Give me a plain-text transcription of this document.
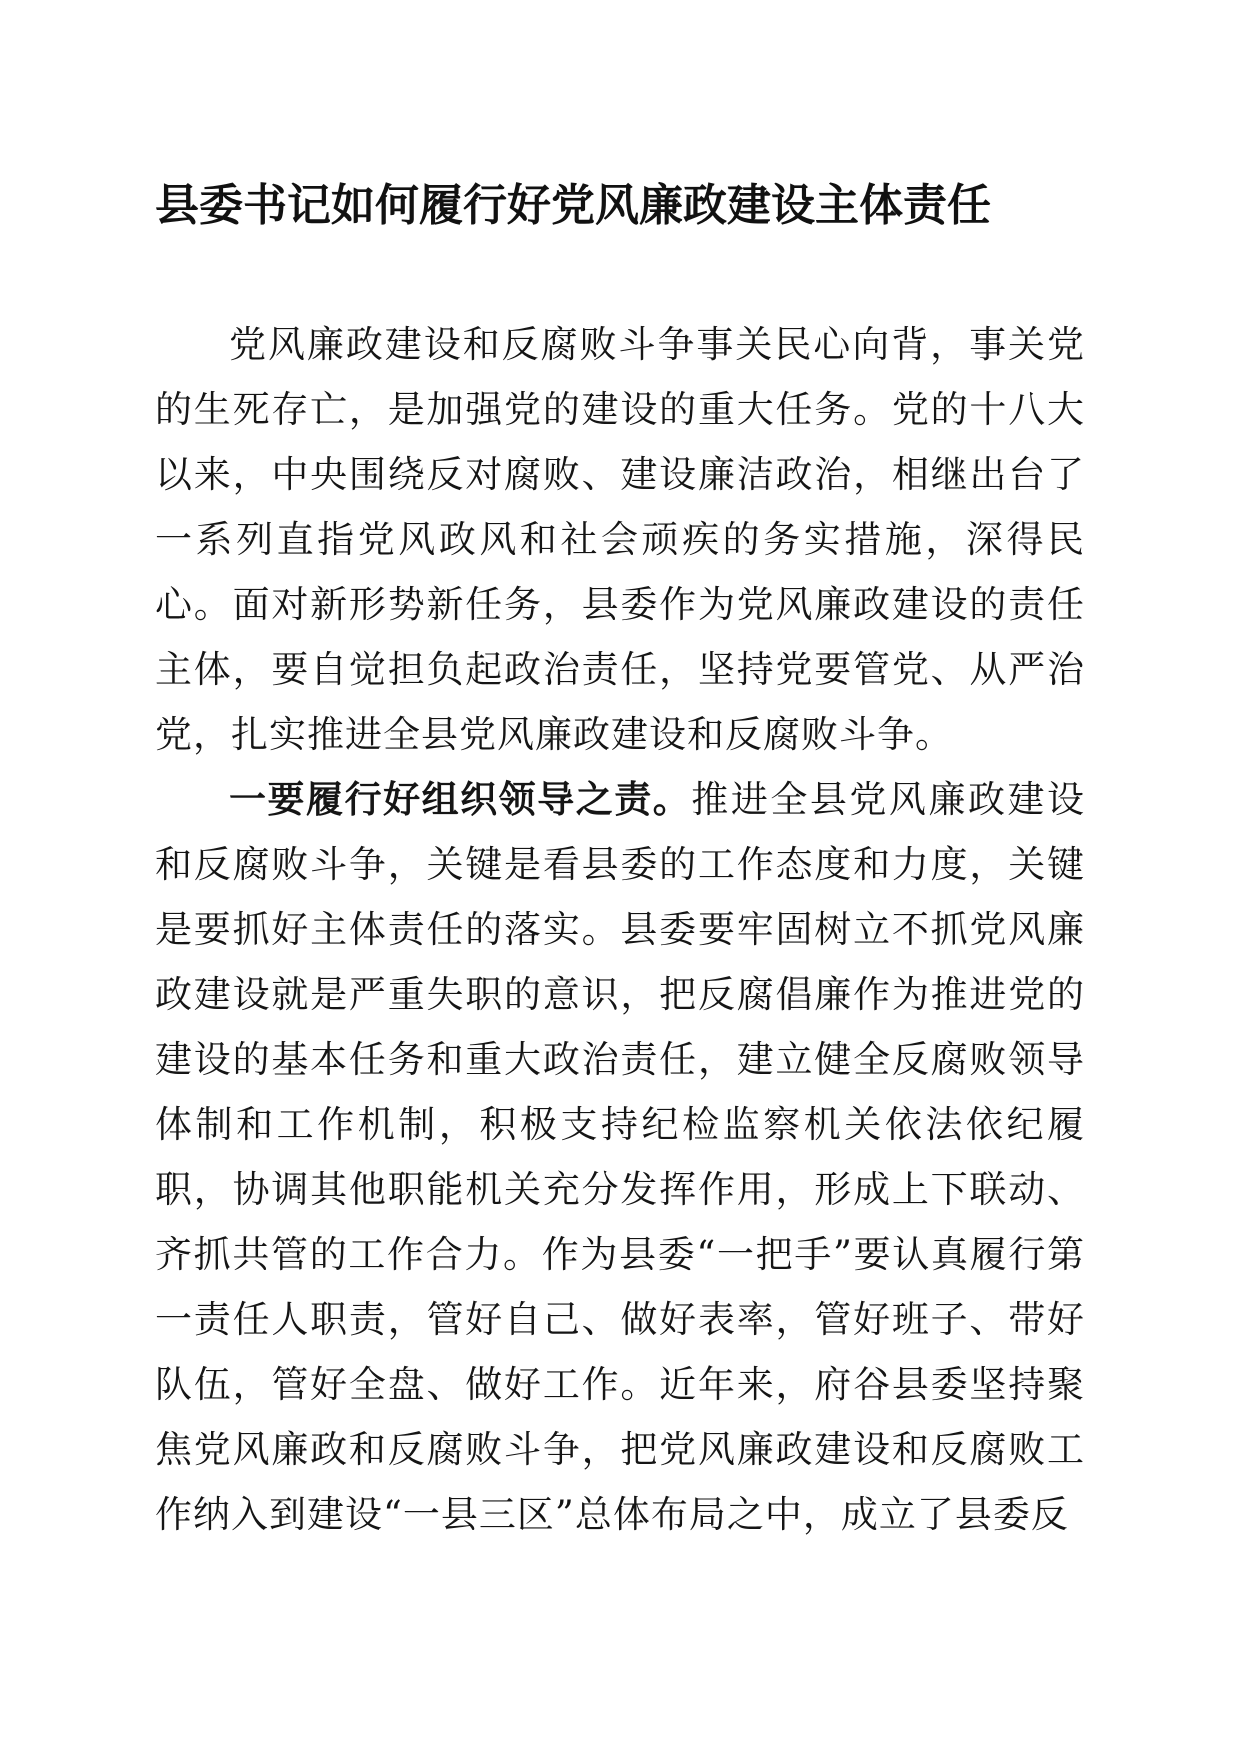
县委书记如何履行好党风廉政建设主体责任

党风廉政建设和反腐败斗争事关民心向背，事关党的生死存亡，是加强党的建设的重大任务。党的十八大以来，中央围绕反对腐败、建设廉洁政治，相继出台了一系列直指党风政风和社会顽疾的务实措施，深得民心。面对新形势新任务，县委作为党风廉政建设的责任主体，要自觉担负起政治责任，坚持党要管党、从严治党，扎实推进全县党风廉政建设和反腐败斗争。

一要履行好组织领导之责。推进全县党风廉政建设和反腐败斗争，关键是看县委的工作态度和力度，关键是要抓好主体责任的落实。县委要牢固树立不抓党风廉政建设就是严重失职的意识，把反腐倡廉作为推进党的建设的基本任务和重大政治责任，建立健全反腐败领导体制和工作机制，积极支持纪检监察机关依法依纪履职，协调其他职能机关充分发挥作用，形成上下联动、齐抓共管的工作合力。作为县委“一把手”要认真履行第一责任人职责，管好自己、做好表率，管好班子、带好队伍，管好全盘、做好工作。近年来，府谷县委坚持聚焦党风廉政和反腐败斗争，把党风廉政建设和反腐败工作纳入到建设“一县三区”总体布局之中，成立了县委反
